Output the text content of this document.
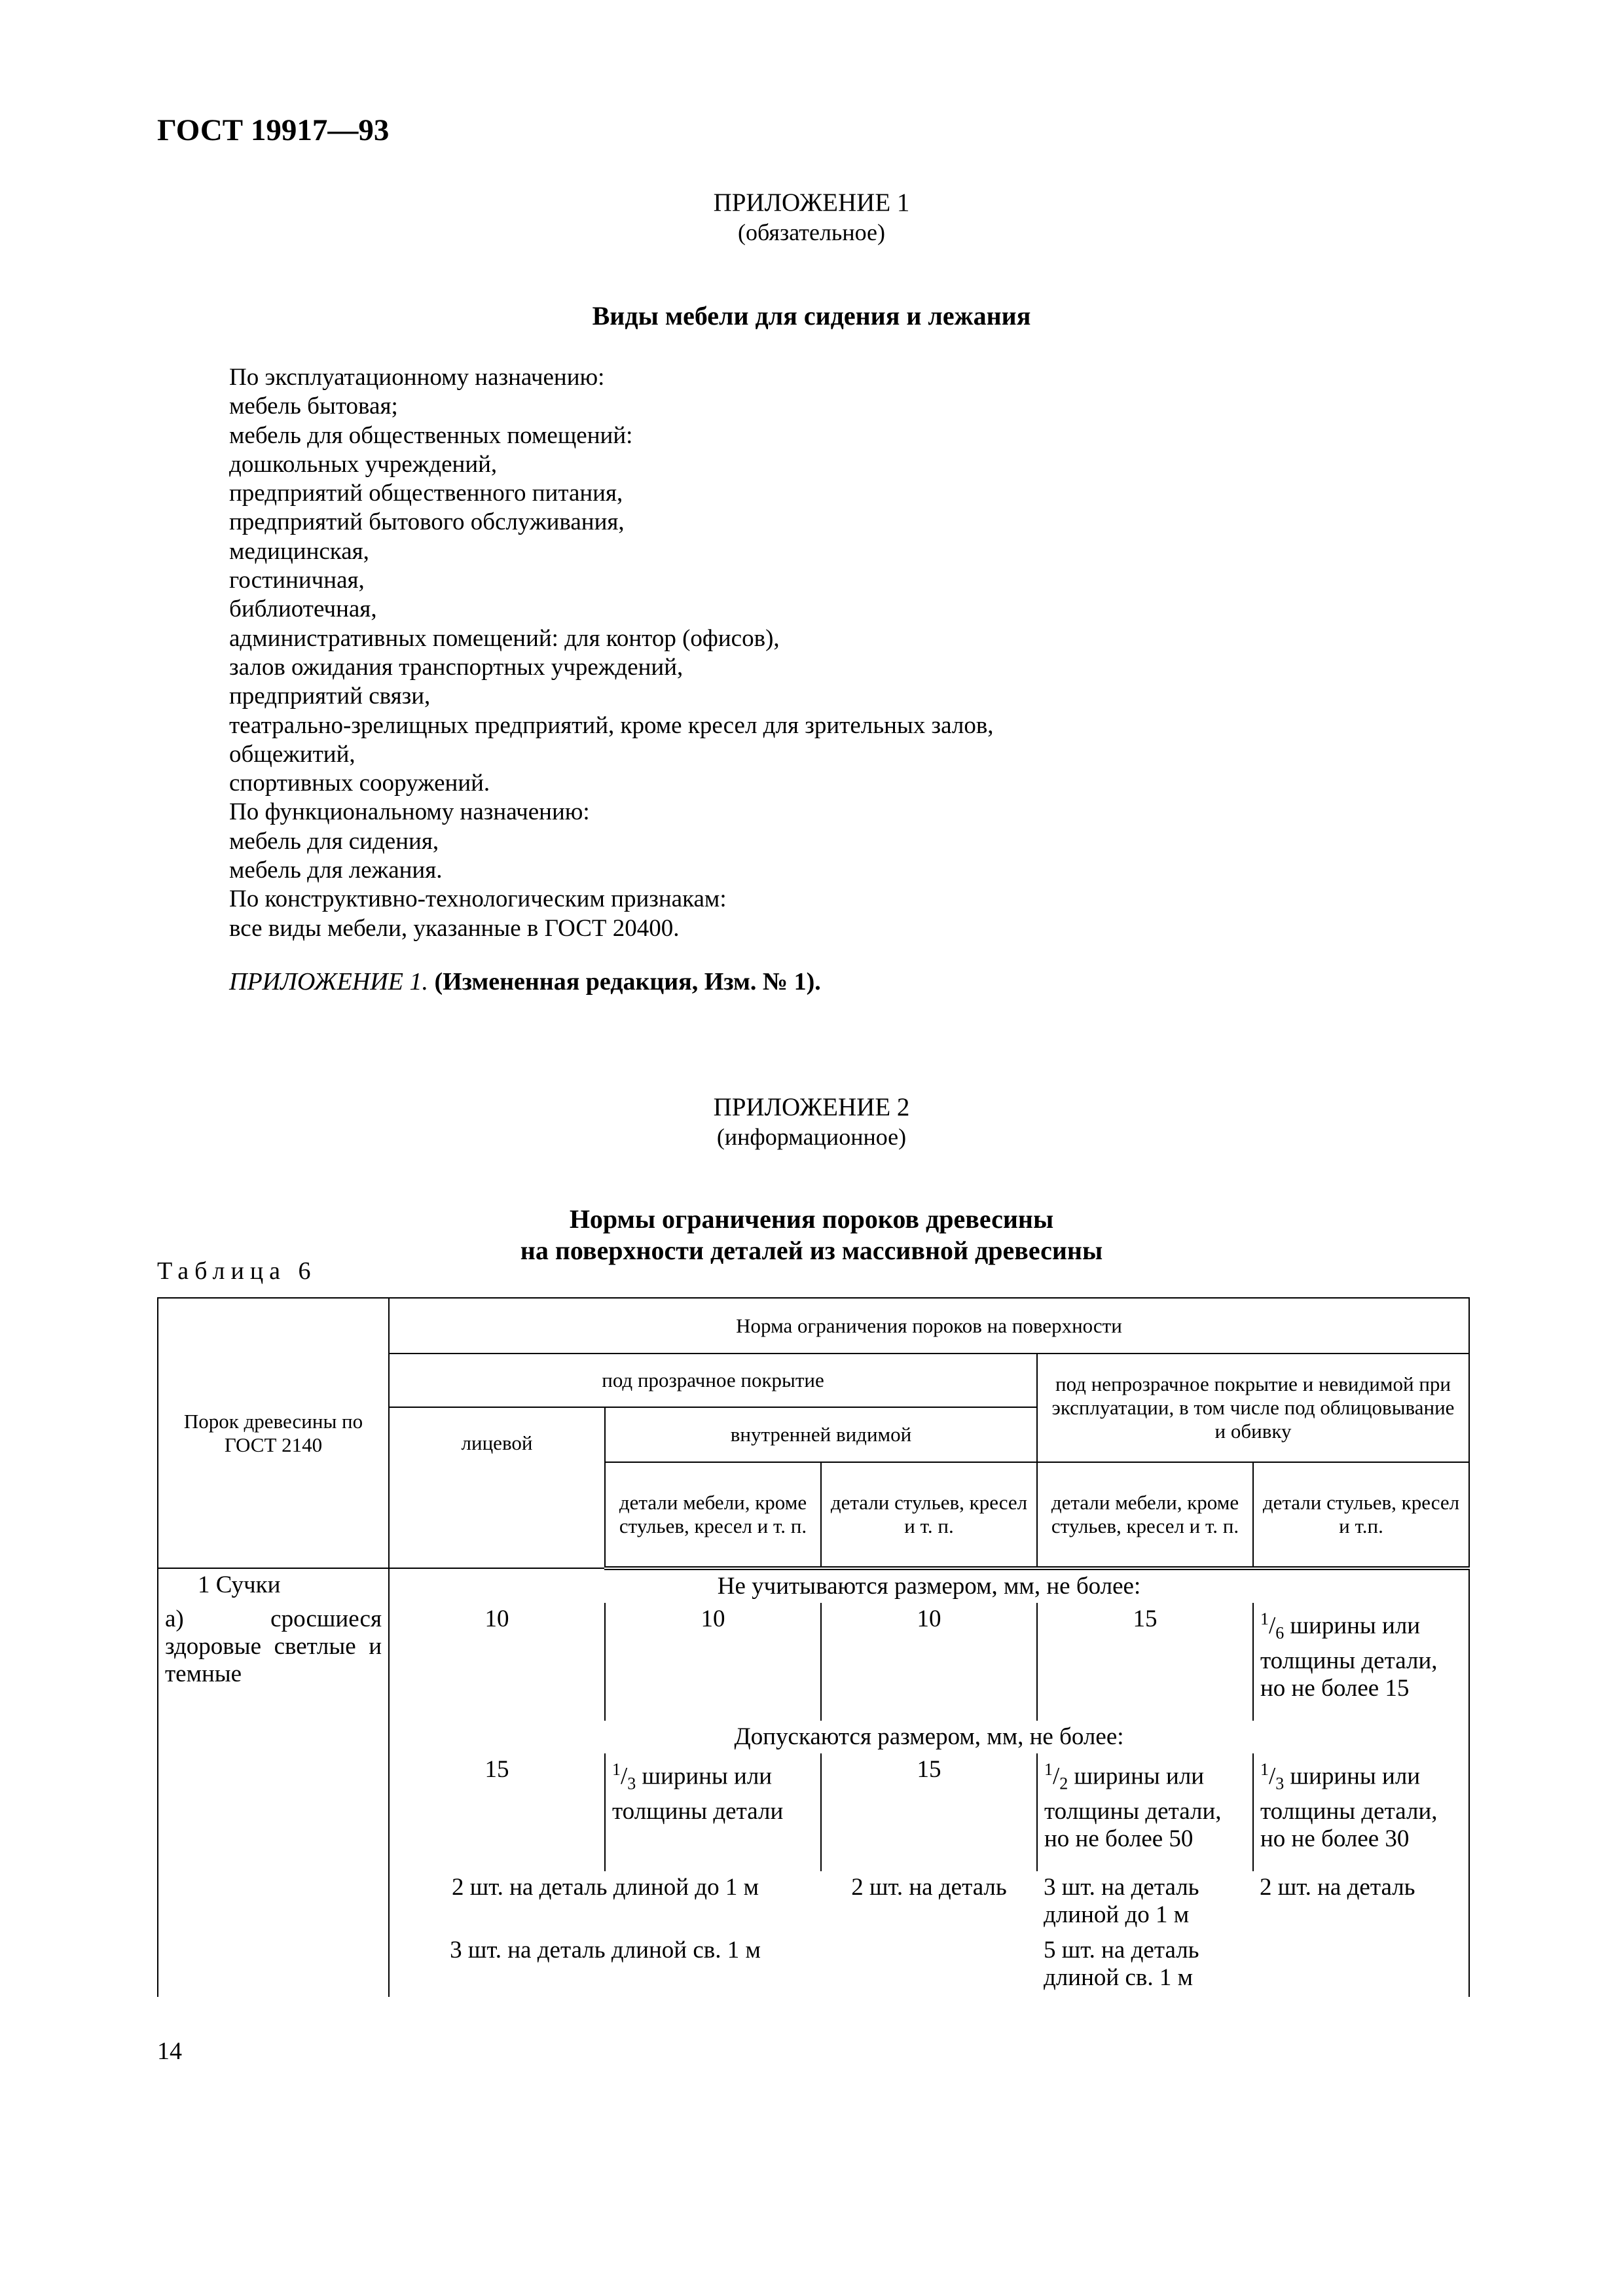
ГОСТ 19917—93
ПРИЛОЖЕНИЕ 1
(обязательное)
Виды мебели для сидения и лежания
По эксплуатационному назначению:
мебель бытовая;
мебель для общественных помещений:
дошкольных учреждений,
предприятий общественного питания,
предприятий бытового обслуживания,
медицинская,
гостиничная,
библиотечная,
административных помещений: для контор (офисов),
залов ожидания транспортных учреждений,
предприятий связи,
театрально-зрелищных предприятий, кроме кресел для зрительных залов,
общежитий,
спортивных сооружений.
По функциональному назначению:
мебель для сидения,
мебель для лежания.
По конструктивно-технологическим признакам:
все виды мебели, указанные в ГОСТ 20400.
ПРИЛОЖЕНИЕ 1. (Измененная редакция, Изм. № 1).
ПРИЛОЖЕНИЕ 2
(информационное)
Нормы ограничения пороков древесины
на поверхности деталей из массивной древесины
Таблица 6
Порок древесины по ГОСТ 2140	Норма ограничения пороков на поверхности				
	под прозрачное покрытие			под непрозрачное покрытие и невидимой при эксплуатации, в том числе под облицовывание и обивку	
	лицевой	внутренней видимой			
		детали мебели, кроме стульев, кресел и т. п.	детали стульев, кресел и т. п.	детали мебели, кроме стульев, кресел и т. п.	детали стульев, кресел и т.п.
1 Сучки	Не учитываются размером, мм, не более:				
а) сросшиеся здоровые светлые и темные	10	10	10	15	$^1/_6$ ширины или толщины детали, но не более 15
	Допускаются размером, мм, не более:				
	15	$^1/_3$ ширины или толщины детали	15	$^1/_2$ ширины или толщины детали, но не более 50	$^1/_3$ ширины или толщины детали, но не более 30
	2 шт. на деталь длиной до 1 м		2 шт. на деталь	3 шт. на деталь длиной до 1 м	2 шт. на деталь
	3 шт. на деталь длиной св. 1 м			5 шт. на деталь длиной св. 1 м	
14
